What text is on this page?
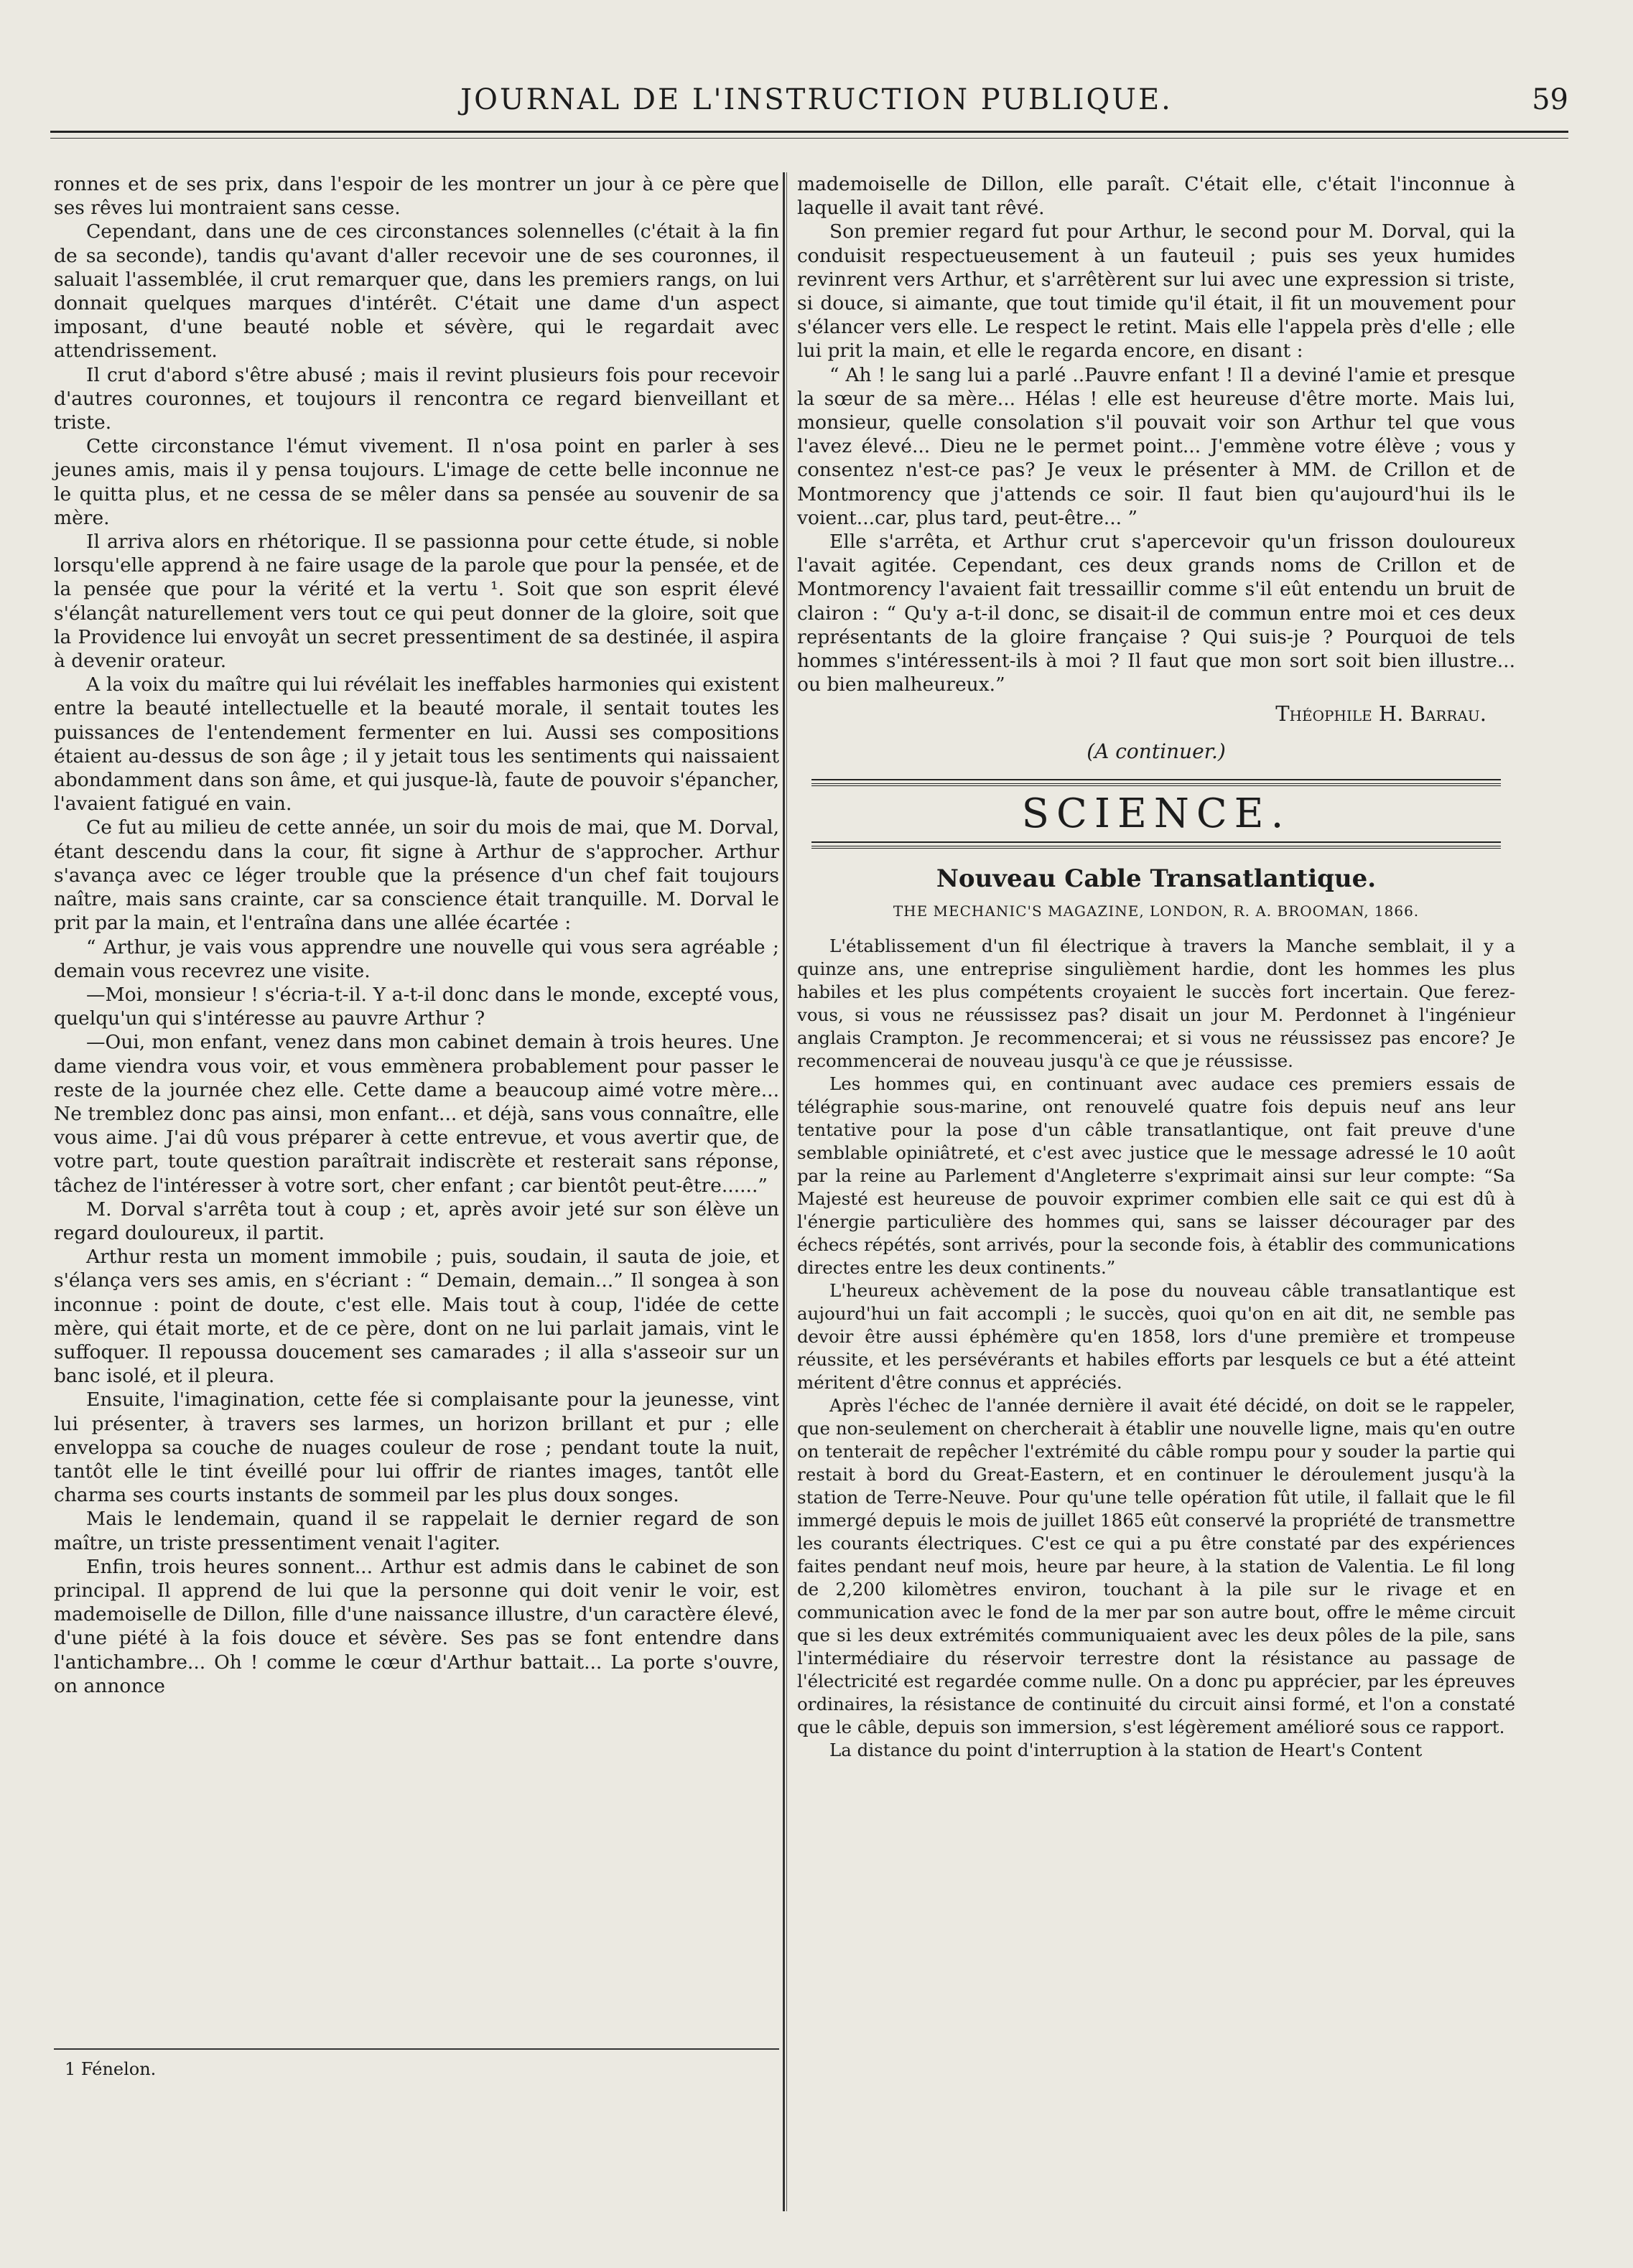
JOURNAL DE L'INSTRUCTION PUBLIQUE.	59

ronnes et de ses prix, dans l'espoir de les montrer un jour à ce père que ses rêves lui montraient sans cesse.

Cependant, dans une de ces circonstances solennelles (c'était à la fin de sa seconde), tandis qu'avant d'aller recevoir une de ses couronnes, il saluait l'assemblée, il crut remarquer que, dans les premiers rangs, on lui donnait quelques marques d'intérêt. C'était une dame d'un aspect imposant, d'une beauté noble et sévère, qui le regardait avec attendrissement.

Il crut d'abord s'être abusé ; mais il revint plusieurs fois pour recevoir d'autres couronnes, et toujours il rencontra ce regard bienveillant et triste.

Cette circonstance l'émut vivement. Il n'osa point en parler à ses jeunes amis, mais il y pensa toujours. L'image de cette belle inconnue ne le quitta plus, et ne cessa de se mêler dans sa pensée au souvenir de sa mère.

Il arriva alors en rhétorique. Il se passionna pour cette étude, si noble lorsqu'elle apprend à ne faire usage de la parole que pour la pensée, et de la pensée que pour la vérité et la vertu ¹. Soit que son esprit élevé s'élançât naturellement vers tout ce qui peut donner de la gloire, soit que la Providence lui envoyât un secret pressentiment de sa destinée, il aspira à devenir orateur.

A la voix du maître qui lui révélait les ineffables harmonies qui existent entre la beauté intellectuelle et la beauté morale, il sentait toutes les puissances de l'entendement fermenter en lui. Aussi ses compositions étaient au-dessus de son âge ; il y jetait tous les sentiments qui naissaient abondamment dans son âme, et qui jusque-là, faute de pouvoir s'épancher, l'avaient fatigué en vain.

Ce fut au milieu de cette année, un soir du mois de mai, que M. Dorval, étant descendu dans la cour, fit signe à Arthur de s'approcher. Arthur s'avança avec ce léger trouble que la présence d'un chef fait toujours naître, mais sans crainte, car sa conscience était tranquille. M. Dorval le prit par la main, et l'entraîna dans une allée écartée :

“ Arthur, je vais vous apprendre une nouvelle qui vous sera agréable ; demain vous recevrez une visite.

—Moi, monsieur ! s'écria-t-il. Y a-t-il donc dans le monde, excepté vous, quelqu'un qui s'intéresse au pauvre Arthur ?

—Oui, mon enfant, venez dans mon cabinet demain à trois heures. Une dame viendra vous voir, et vous emmènera probablement pour passer le reste de la journée chez elle. Cette dame a beaucoup aimé votre mère... Ne tremblez donc pas ainsi, mon enfant... et déjà, sans vous connaître, elle vous aime. J'ai dû vous préparer à cette entrevue, et vous avertir que, de votre part, toute question paraîtrait indiscrète et resterait sans réponse, tâchez de l'intéresser à votre sort, cher enfant ; car bientôt peut-être......”

M. Dorval s'arrêta tout à coup ; et, après avoir jeté sur son élève un regard douloureux, il partit.

Arthur resta un moment immobile ; puis, soudain, il sauta de joie, et s'élança vers ses amis, en s'écriant : “ Demain, demain...” Il songea à son inconnue : point de doute, c'est elle. Mais tout à coup, l'idée de cette mère, qui était morte, et de ce père, dont on ne lui parlait jamais, vint le suffoquer. Il repoussa doucement ses camarades ; il alla s'asseoir sur un banc isolé, et il pleura.

Ensuite, l'imagination, cette fée si complaisante pour la jeunesse, vint lui présenter, à travers ses larmes, un horizon brillant et pur ; elle enveloppa sa couche de nuages couleur de rose ; pendant toute la nuit, tantôt elle le tint éveillé pour lui offrir de riantes images, tantôt elle charma ses courts instants de sommeil par les plus doux songes.

Mais le lendemain, quand il se rappelait le dernier regard de son maître, un triste pressentiment venait l'agiter.

Enfin, trois heures sonnent... Arthur est admis dans le cabinet de son principal. Il apprend de lui que la personne qui doit venir le voir, est mademoiselle de Dillon, fille d'une naissance illustre, d'un caractère élevé, d'une piété à la fois douce et sévère. Ses pas se font entendre dans l'antichambre... Oh ! comme le cœur d'Arthur battait... La porte s'ouvre, on annonce

1 Fénelon.

mademoiselle de Dillon, elle paraît. C'était elle, c'était l'inconnue à laquelle il avait tant rêvé.

Son premier regard fut pour Arthur, le second pour M. Dorval, qui la conduisit respectueusement à un fauteuil ; puis ses yeux humides revinrent vers Arthur, et s'arrêtèrent sur lui avec une expression si triste, si douce, si aimante, que tout timide qu'il était, il fit un mouvement pour s'élancer vers elle. Le respect le retint. Mais elle l'appela près d'elle ; elle lui prit la main, et elle le regarda encore, en disant :

“ Ah ! le sang lui a parlé ..Pauvre enfant ! Il a deviné l'amie et presque la sœur de sa mère... Hélas ! elle est heureuse d'être morte. Mais lui, monsieur, quelle consolation s'il pouvait voir son Arthur tel que vous l'avez élevé... Dieu ne le permet point... J'emmène votre élève ; vous y consentez n'est-ce pas? Je veux le présenter à MM. de Crillon et de Montmorency que j'attends ce soir. Il faut bien qu'aujourd'hui ils le voient...car, plus tard, peut-être... ”

Elle s'arrêta, et Arthur crut s'apercevoir qu'un frisson douloureux l'avait agitée. Cependant, ces deux grands noms de Crillon et de Montmorency l'avaient fait tressaillir comme s'il eût entendu un bruit de clairon : “ Qu'y a-t-il donc, se disait-il de commun entre moi et ces deux représentants de la gloire française ? Qui suis-je ? Pourquoi de tels hommes s'intéressent-ils à moi ? Il faut que mon sort soit bien illustre... ou bien malheureux.”

Théophile H. Barrau.
(A continuer.)
SCIENCE.
Nouveau Cable Transatlantique.
THE MECHANIC'S MAGAZINE, LONDON, R. A. BROOMAN, 1866.

L'établissement d'un fil électrique à travers la Manche semblait, il y a quinze ans, une entreprise singulièment hardie, dont les hommes les plus habiles et les plus compétents croyaient le succès fort incertain. Que ferez-vous, si vous ne réussissez pas? disait un jour M. Perdonnet à l'ingénieur anglais Crampton. Je recommencerai; et si vous ne réussissez pas encore? Je recommencerai de nouveau jusqu'à ce que je réussisse.

Les hommes qui, en continuant avec audace ces premiers essais de télégraphie sous-marine, ont renouvelé quatre fois depuis neuf ans leur tentative pour la pose d'un câble transatlantique, ont fait preuve d'une semblable opiniâtreté, et c'est avec justice que le message adressé le 10 août par la reine au Parlement d'Angleterre s'exprimait ainsi sur leur compte: “Sa Majesté est heureuse de pouvoir exprimer combien elle sait ce qui est dû à l'énergie particulière des hommes qui, sans se laisser décourager par des échecs répétés, sont arrivés, pour la seconde fois, à établir des communications directes entre les deux continents.”

L'heureux achèvement de la pose du nouveau câble transatlantique est aujourd'hui un fait accompli ; le succès, quoi qu'on en ait dit, ne semble pas devoir être aussi éphémère qu'en 1858, lors d'une première et trompeuse réussite, et les persévérants et habiles efforts par lesquels ce but a été atteint méritent d'être connus et appréciés.

Après l'échec de l'année dernière il avait été décidé, on doit se le rappeler, que non-seulement on chercherait à établir une nouvelle ligne, mais qu'en outre on tenterait de repêcher l'extrémité du câble rompu pour y souder la partie qui restait à bord du Great-Eastern, et en continuer le déroulement jusqu'à la station de Terre-Neuve. Pour qu'une telle opération fût utile, il fallait que le fil immergé depuis le mois de juillet 1865 eût conservé la propriété de transmettre les courants électriques. C'est ce qui a pu être constaté par des expériences faites pendant neuf mois, heure par heure, à la station de Valentia. Le fil long de 2,200 kilomètres environ, touchant à la pile sur le rivage et en communication avec le fond de la mer par son autre bout, offre le même circuit que si les deux extrémités communiquaient avec les deux pôles de la pile, sans l'intermédiaire du réservoir terrestre dont la résistance au passage de l'électricité est regardée comme nulle. On a donc pu apprécier, par les épreuves ordinaires, la résistance de continuité du circuit ainsi formé, et l'on a constaté que le câble, depuis son immersion, s'est légèrement amélioré sous ce rapport.

La distance du point d'interruption à la station de Heart's Content
